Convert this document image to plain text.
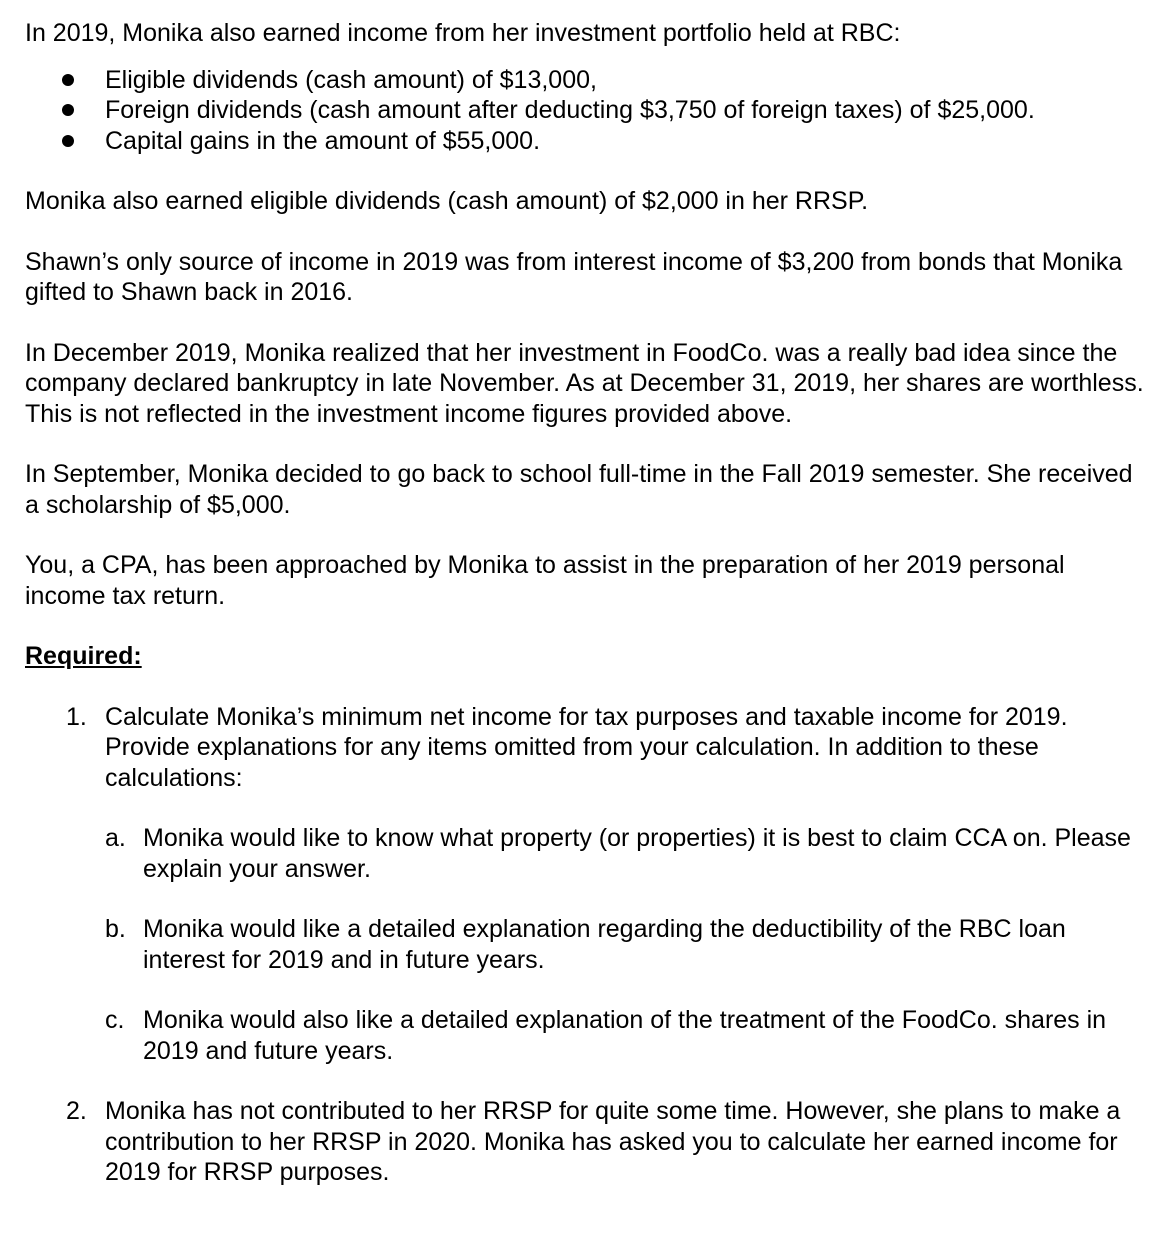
In 2019, Monika also earned income from her investment portfolio held at RBC:

Eligible dividends (cash amount) of $13,000,
Foreign dividends (cash amount after deducting $3,750 of foreign taxes) of $25,000.
Capital gains in the amount of $55,000.

Monika also earned eligible dividends (cash amount) of $2,000 in her RRSP.

Shawn’s only source of income in 2019 was from interest income of $3,200 from bonds that Monika gifted to Shawn back in 2016.

In December 2019, Monika realized that her investment in FoodCo. was a really bad idea since the company declared bankruptcy in late November. As at December 31, 2019, her shares are worthless. This is not reflected in the investment income figures provided above.

In September, Monika decided to go back to school full-time in the Fall 2019 semester. She received a scholarship of $5,000.

You, a CPA, has been approached by Monika to assist in the preparation of her 2019 personal income tax return.

Required:

1. Calculate Monika’s minimum net income for tax purposes and taxable income for 2019. Provide explanations for any items omitted from your calculation. In addition to these calculations:

a. Monika would like to know what property (or properties) it is best to claim CCA on. Please explain your answer.
b. Monika would like a detailed explanation regarding the deductibility of the RBC loan interest for 2019 and in future years.
c. Monika would also like a detailed explanation of the treatment of the FoodCo. shares in 2019 and future years.
2. Monika has not contributed to her RRSP for quite some time. However, she plans to make a contribution to her RRSP in 2020. Monika has asked you to calculate her earned income for 2019 for RRSP purposes.
